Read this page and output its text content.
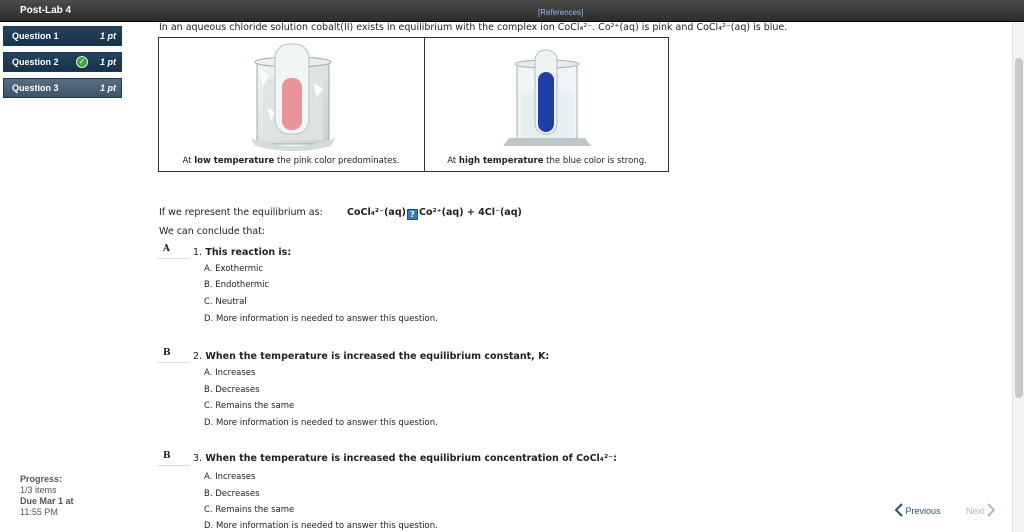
Post-Lab 4	[References]
Question 1	1 pt
Question 2	✓ 1 pt
Question 3	1 pt
Progress:
1/3 items
Due Mar 1 at
11:55 PM
In an aqueous chloride solution cobalt(II) exists in equilibrium with the complex ion CoCl₄²⁻. Co²⁺(aq) is pink and CoCl₄²⁻(aq) is blue.
At low temperature the pink color predominates.	At high temperature the blue color is strong.
If we represent the equilibrium as:	CoCl₄²⁻(aq) ? Co²⁺(aq) + 4Cl⁻(aq)
We can conclude that:
A	1. This reaction is:
A. Exothermic
B. Endothermic
C. Neutral
D. More information is needed to answer this question.
B	2. When the temperature is increased the equilibrium constant, K:
A. Increases
B. Decreases
C. Remains the same
D. More information is needed to answer this question.
B	3. When the temperature is increased the equilibrium concentration of CoCl₄²⁻:
A. Increases
B. Decreases
C. Remains the same
D. More information is needed to answer this question.
Previous	Next
